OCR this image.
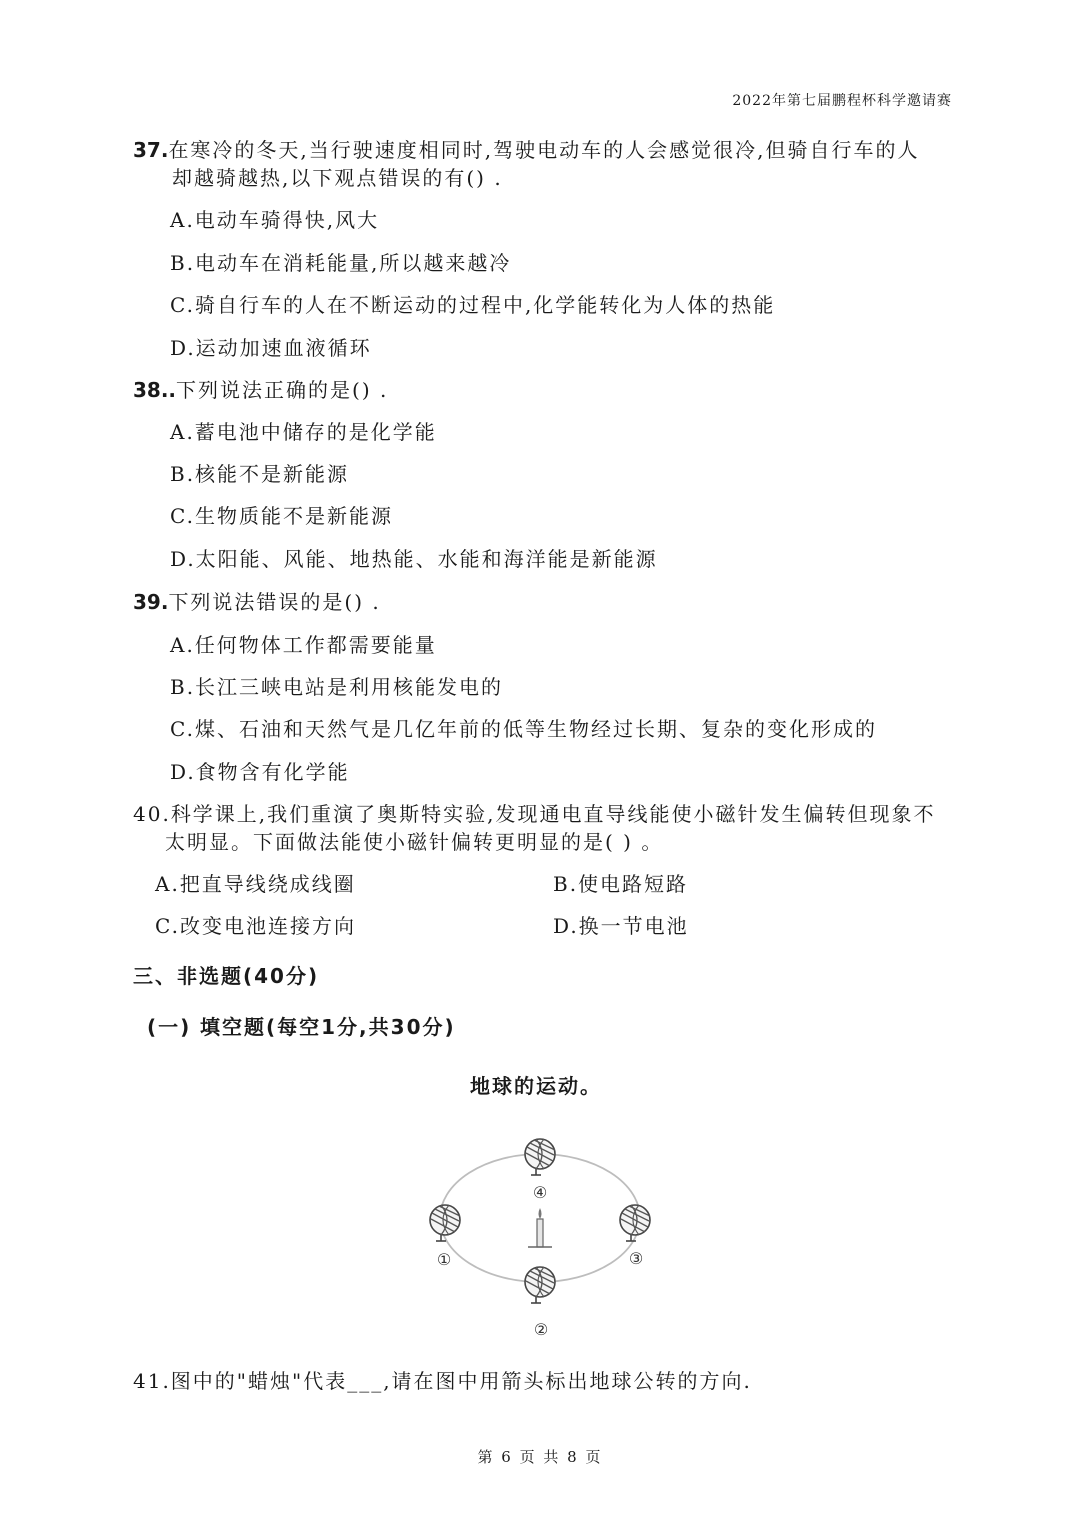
2022年第七届鹏程杯科学邀请赛
37.在寒冷的冬天,当行驶速度相同时,驾驶电动车的人会感觉很冷,但骑自行车的人
却越骑越热,以下观点错误的有() .
A.电动车骑得快,风大
B.电动车在消耗能量,所以越来越冷
C.骑自行车的人在不断运动的过程中,化学能转化为人体的热能
D.运动加速血液循环
38..下列说法正确的是() .
A.蓄电池中储存的是化学能
B.核能不是新能源
C.生物质能不是新能源
D.太阳能、风能、地热能、水能和海洋能是新能源
39.下列说法错误的是() .
A.任何物体工作都需要能量
B.长江三峡电站是利用核能发电的
C.煤、石油和天然气是几亿年前的低等生物经过长期、复杂的变化形成的
D.食物含有化学能
40.科学课上,我们重演了奥斯特实验,发现通电直导线能使小磁针发生偏转但现象不
太明显。下面做法能使小磁针偏转更明显的是( ) 。
A.把直导线绕成线圈	B.使电路短路
C.改变电池连接方向	D.换一节电池
三、非选题(40分)
(一) 填空题(每空1分,共30分)
地球的运动。
④
①	③
②
41.图中的"蜡烛"代表___,请在图中用箭头标出地球公转的方向.
第 6 页 共 8 页
